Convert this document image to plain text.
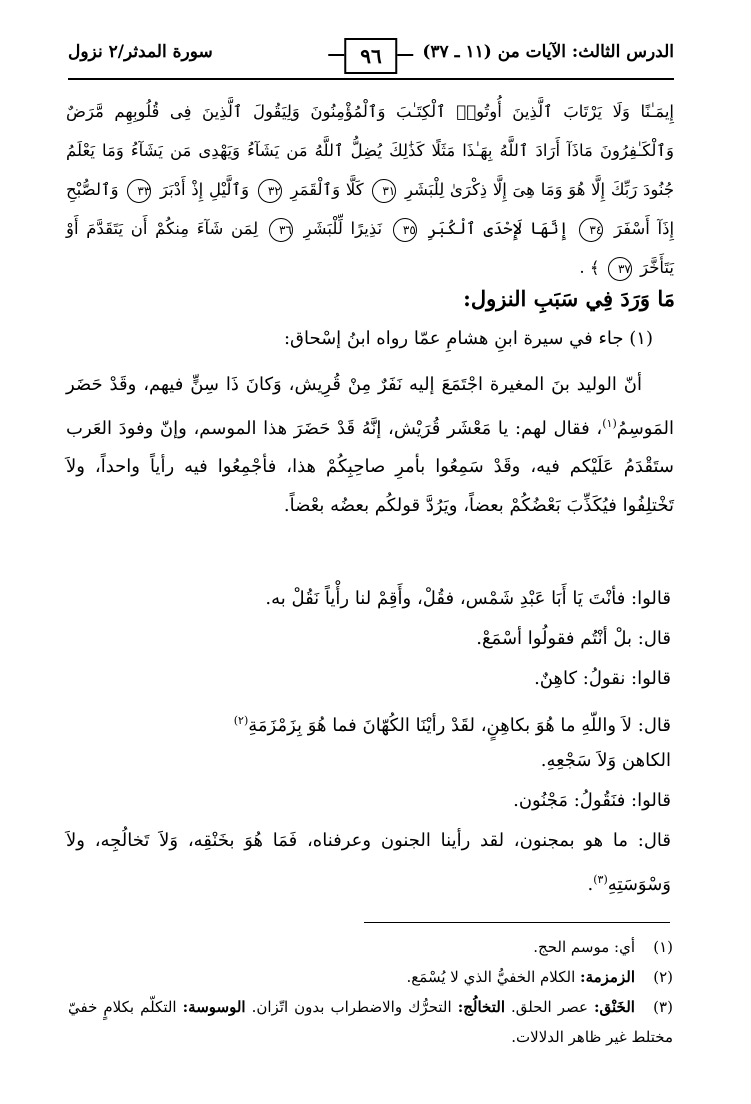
الدرس الثالث: الآيات من (١١ ـ ٣٧)
٩٦
سورة المدثر/٢ نزول
إِيمَـٰنًا وَلَا يَرْتَابَ ٱلَّذِينَ أُوتُوا۟ ٱلْكِتَـٰبَ وَٱلْمُؤْمِنُونَ وَلِيَقُولَ ٱلَّذِينَ فِى قُلُوبِهِم مَّرَضٌ وَٱلْكَـٰفِرُونَ مَاذَآ أَرَادَ ٱللَّهُ بِهَـٰذَا مَثَلًا كَذَٰلِكَ يُضِلُّ ٱللَّهُ مَن يَشَآءُ وَيَهْدِى مَن يَشَآءُ وَمَا يَعْلَمُ جُنُودَ رَبِّكَ إِلَّا هُوَ وَمَا هِىَ إِلَّا ذِكْرَىٰ لِلْبَشَرِ ٣١ كَلَّا وَٱلْقَمَرِ ٣٢ وَٱلَّيْلِ إِذْ أَدْبَرَ ٣٣ وَٱلصُّبْحِ إِذَآ أَسْفَرَ ٣٤ إِنَّهَا لَإِحْدَى ٱلْكُبَرِ ٣٥ نَذِيرًا لِّلْبَشَرِ ٣٦ لِمَن شَآءَ مِنكُمْ أَن يَتَقَدَّمَ أَوْ يَتَأَخَّرَ ٣٧ ﴾ .
مَا وَرَدَ فِي سَبَبِ النزول:
(١) جاء في سيرة ابنِ هشامِ عمّا رواه ابنُ إسْحاق:
أنّ الوليد بنَ المغيرة اجْتَمَعَ إليه نَفَرٌ مِنْ قُرِيش، وَكانَ ذَا سِنٍّ فيهم، وقَدْ حَضَر المَوسِمُ$^{(١)}$، فقال لهم: يا مَعْشَر قُرَيْش، إنَّهُ قَدْ حَضَرَ هذا الموسم، وإنّ وفودَ العَرب ستَقْدَمُ عَلَيْكم فيه، وقَدْ سَمِعُوا بأمرِ صاحِبِكُمْ هذا، فأجْمِعُوا فيه رأياً واحداً، ولاَ تَخْتلِفُوا فيُكَذِّبَ بَعْضُكُمْ بعضاً، ويَرُدَّ قولكُم بعضُه بعْضاً.
قالوا: فأنْتَ يَا أَبَا عَبْدِ شَمْس، فقُلْ، وأَقِمْ لنا رأْياً نَقُلْ به.
قال: بلْ أنْتُم فقولُوا أسْمَعْ.
قالوا: نقولُ: كاهِنٌ.
قال: لاَ واللّهِ ما هُوَ بكاهِنٍ، لقَدْ رأيْنَا الكُهّانَ فما هُوَ بِزَمْزَمَةِ$^{(٢)}$
الكاهن وَلاَ سَجْعِهِ.
قالوا: فنَقُولُ: مَجْنُون.
قال: ما هو بمجنون، لقد رأينا الجنون وعرفناه، فَمَا هُوَ بخَنْقِه، وَلاَ تَخالُجِه، ولاَ وَسْوَسَتِهِ$^{(٣)}$.
(١)أي: موسم الحج.
(٢)الزمزمة: الكلام الخفيُّ الذي لا يُسْمَع.
(٣)الخَنْق: عصر الحلق. التخالُج: التحرُّك والاضطراب بدون اتّزان. الوسوسة: التكلّم بكلامٍ خفيّ مختلط غير ظاهر الدلالات.
